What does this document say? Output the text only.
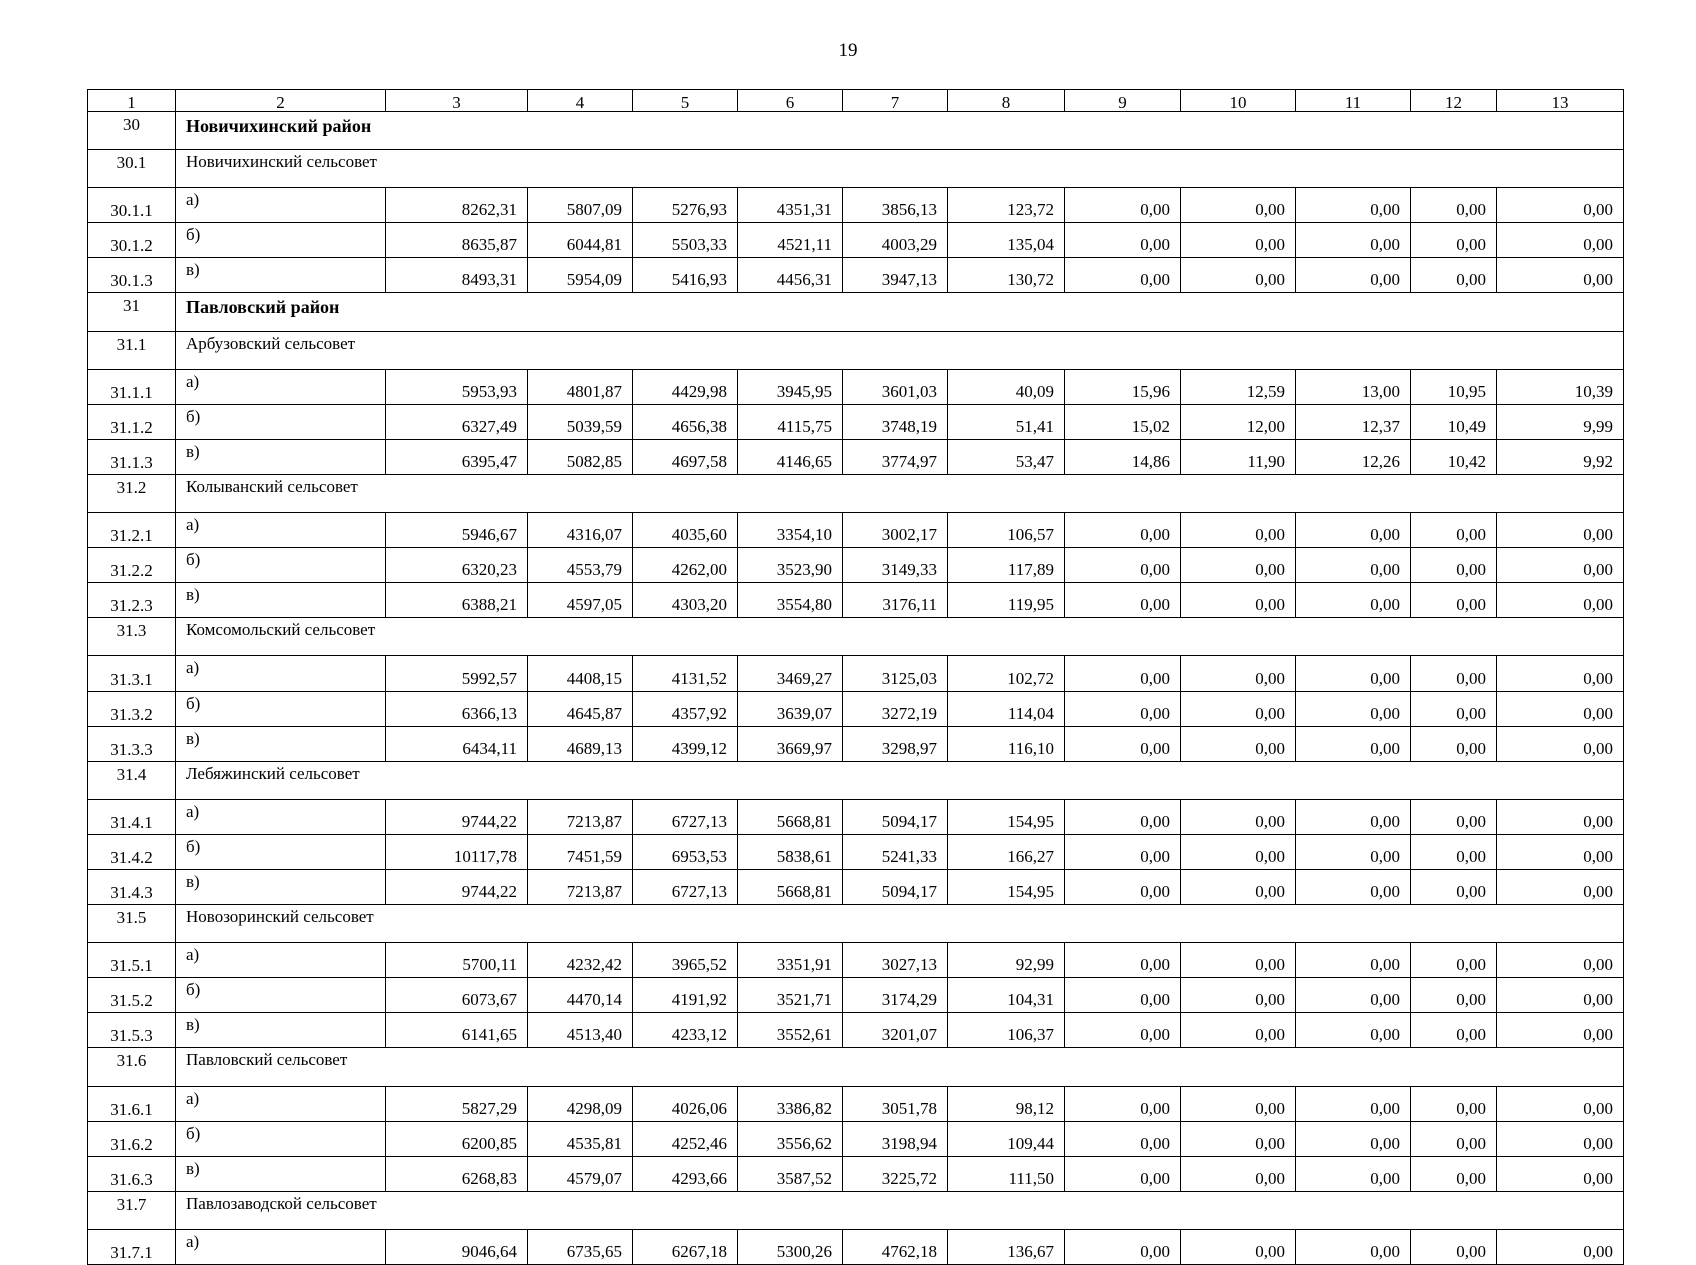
19
1	2	3	4	5	6	7	8	9	10	11	12	13
30	Новичихинский район											
30.1	Новичихинский сельсовет											
30.1.1	а)	8262,31	5807,09	5276,93	4351,31	3856,13	123,72	0,00	0,00	0,00	0,00	0,00
30.1.2	б)	8635,87	6044,81	5503,33	4521,11	4003,29	135,04	0,00	0,00	0,00	0,00	0,00
30.1.3	в)	8493,31	5954,09	5416,93	4456,31	3947,13	130,72	0,00	0,00	0,00	0,00	0,00
31	Павловский район											
31.1	Арбузовский сельсовет											
31.1.1	а)	5953,93	4801,87	4429,98	3945,95	3601,03	40,09	15,96	12,59	13,00	10,95	10,39
31.1.2	б)	6327,49	5039,59	4656,38	4115,75	3748,19	51,41	15,02	12,00	12,37	10,49	9,99
31.1.3	в)	6395,47	5082,85	4697,58	4146,65	3774,97	53,47	14,86	11,90	12,26	10,42	9,92
31.2	Колыванский сельсовет											
31.2.1	а)	5946,67	4316,07	4035,60	3354,10	3002,17	106,57	0,00	0,00	0,00	0,00	0,00
31.2.2	б)	6320,23	4553,79	4262,00	3523,90	3149,33	117,89	0,00	0,00	0,00	0,00	0,00
31.2.3	в)	6388,21	4597,05	4303,20	3554,80	3176,11	119,95	0,00	0,00	0,00	0,00	0,00
31.3	Комсомольский сельсовет											
31.3.1	а)	5992,57	4408,15	4131,52	3469,27	3125,03	102,72	0,00	0,00	0,00	0,00	0,00
31.3.2	б)	6366,13	4645,87	4357,92	3639,07	3272,19	114,04	0,00	0,00	0,00	0,00	0,00
31.3.3	в)	6434,11	4689,13	4399,12	3669,97	3298,97	116,10	0,00	0,00	0,00	0,00	0,00
31.4	Лебяжинский сельсовет											
31.4.1	а)	9744,22	7213,87	6727,13	5668,81	5094,17	154,95	0,00	0,00	0,00	0,00	0,00
31.4.2	б)	10117,78	7451,59	6953,53	5838,61	5241,33	166,27	0,00	0,00	0,00	0,00	0,00
31.4.3	в)	9744,22	7213,87	6727,13	5668,81	5094,17	154,95	0,00	0,00	0,00	0,00	0,00
31.5	Новозоринский сельсовет											
31.5.1	а)	5700,11	4232,42	3965,52	3351,91	3027,13	92,99	0,00	0,00	0,00	0,00	0,00
31.5.2	б)	6073,67	4470,14	4191,92	3521,71	3174,29	104,31	0,00	0,00	0,00	0,00	0,00
31.5.3	в)	6141,65	4513,40	4233,12	3552,61	3201,07	106,37	0,00	0,00	0,00	0,00	0,00
31.6	Павловский сельсовет											
31.6.1	а)	5827,29	4298,09	4026,06	3386,82	3051,78	98,12	0,00	0,00	0,00	0,00	0,00
31.6.2	б)	6200,85	4535,81	4252,46	3556,62	3198,94	109,44	0,00	0,00	0,00	0,00	0,00
31.6.3	в)	6268,83	4579,07	4293,66	3587,52	3225,72	111,50	0,00	0,00	0,00	0,00	0,00
31.7	Павлозаводской сельсовет											
31.7.1	а)	9046,64	6735,65	6267,18	5300,26	4762,18	136,67	0,00	0,00	0,00	0,00	0,00
